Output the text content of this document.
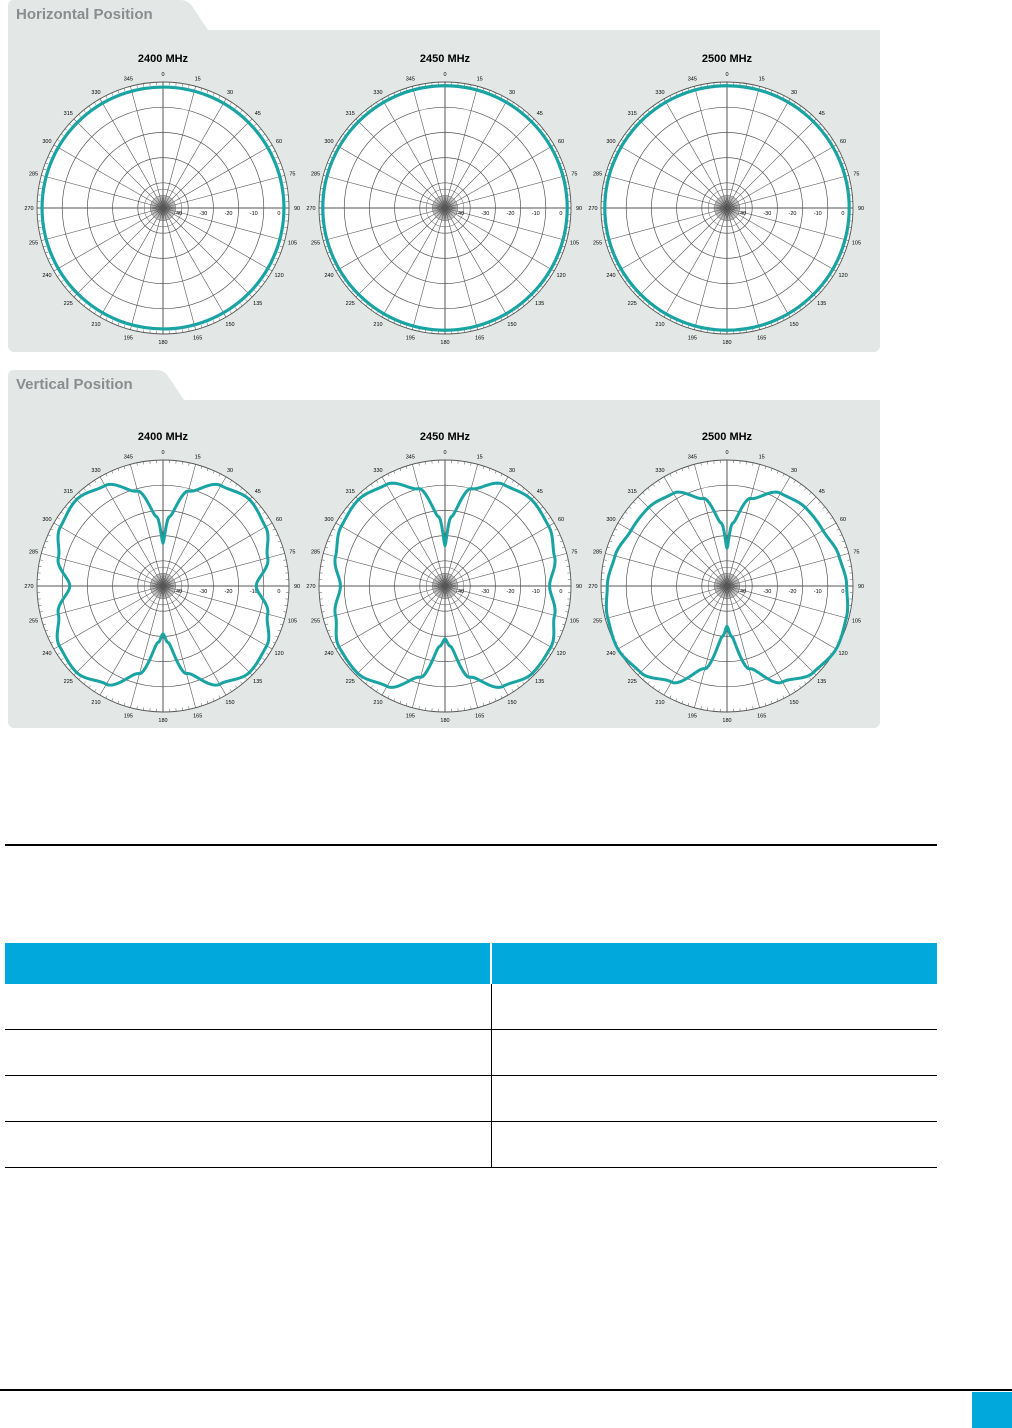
Horizontal Position
2400 MHz
0
15
30
45
60
75
90
105
120
135
150
165
180
195
210
225
240
255
270
285
300
315
330
345
-40	-30	-20	-10	0
2450 MHz
0
15
30
45
60
75
90
105
120
135
150
165
180
195
210
225
240
255
270
285
300
315
330
345
-40	-30	-20	-10	0
2500 MHz
0
15
30
45
60
75
90
105
120
135
150
165
180
195
210
225
240
255
270
285
300
315
330
345
-40	-30	-20	-10	0
Vertical Position
2400 MHz
0
15
30
45
60
75
90
105
120
135
150
165
180
195
210
225
240
255
270
285
300
315
330
345
-40	-30	-20	-10	0
2450 MHz
0
15
30
45
60
75
90
105
120
135
150
165
180
195
210
225
240
255
270
285
300
315
330
345
-40	-30	-20	-10	0
2500 MHz
0
15
30
45
60
75
90
105
120
135
150
165
180
195
210
225
240
255
270
285
300
315
330
345
-40	-30	-20	-10	0
